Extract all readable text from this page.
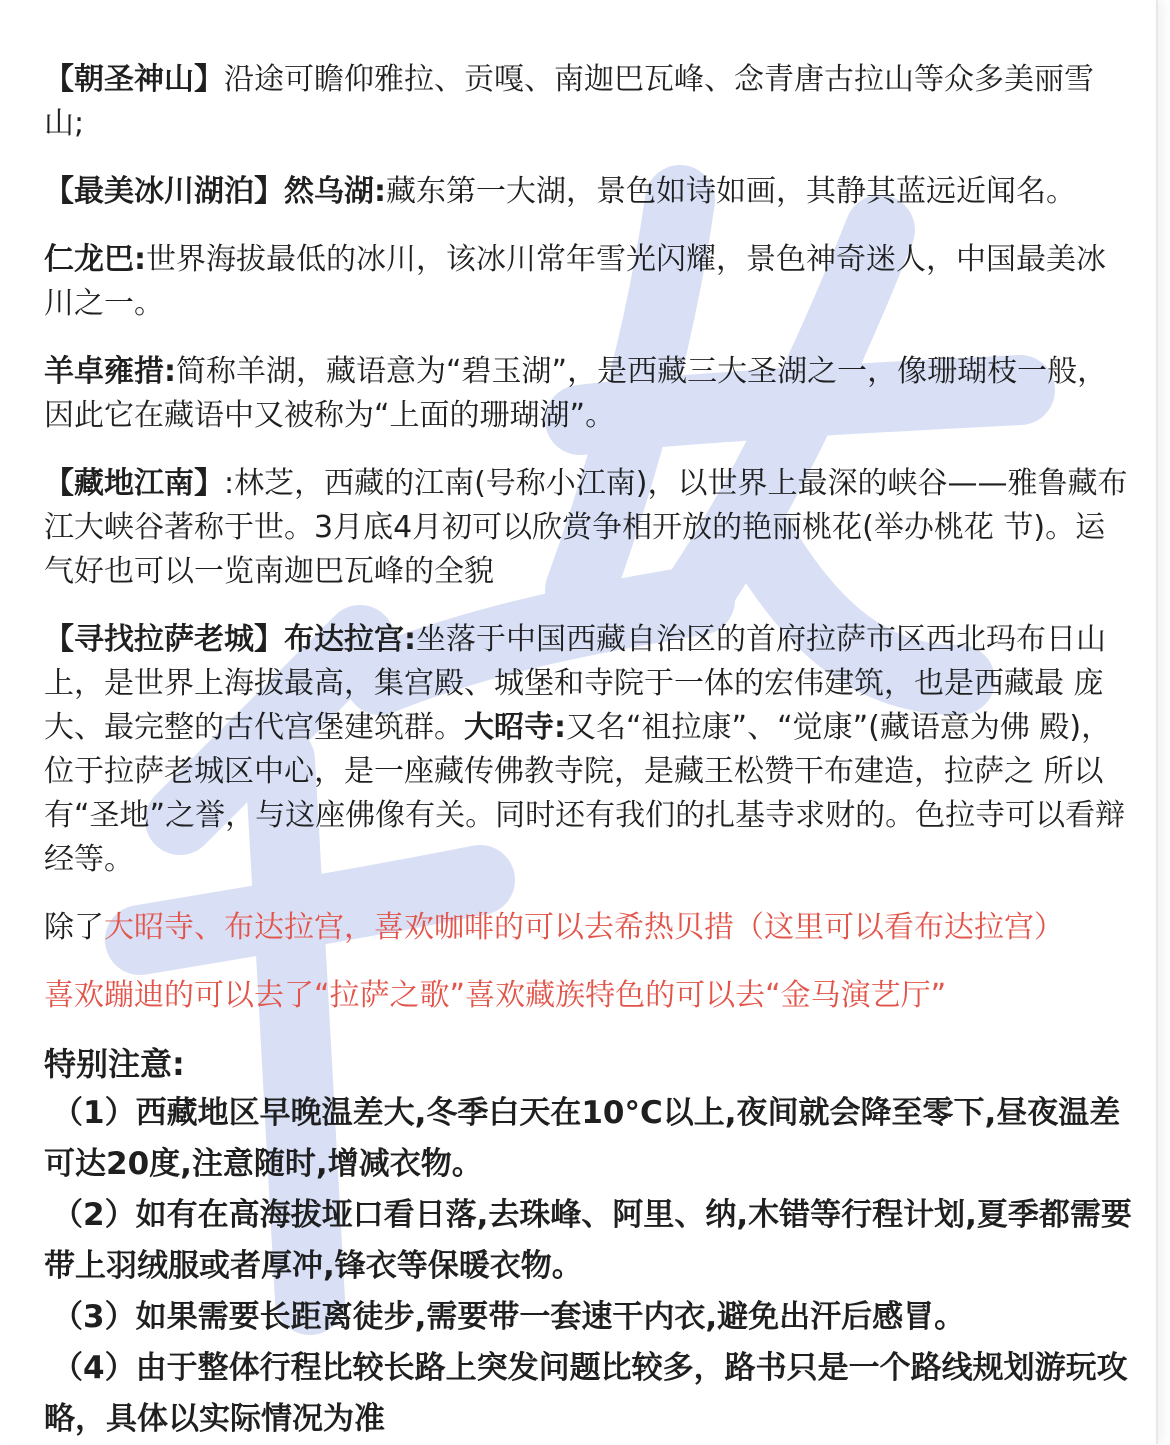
【朝圣神山】沿途可瞻仰雅拉、贡嘎、南迦巴瓦峰、念青唐古拉山等众多美丽雪山;

【最美冰川湖泊】然乌湖:藏东第一大湖，景色如诗如画，其静其蓝远近闻名。

仁龙巴:世界海拔最低的冰川，该冰川常年雪光闪耀，景色神奇迷人，中国最美冰川之一。

羊卓雍措:简称羊湖，藏语意为“碧玉湖”，是西藏三大圣湖之一，像珊瑚枝一般，因此它在藏语中又被称为“上面的珊瑚湖”。

【藏地江南】:林芝，西藏的江南(号称小江南)，以世界上最深的峡谷——雅鲁藏布江大峡谷著称于世。3月底4月初可以欣赏争相开放的艳丽桃花(举办桃花 节)。运气好也可以一览南迦巴瓦峰的全貌

【寻找拉萨老城】布达拉宫:坐落于中国西藏自治区的首府拉萨市区西北玛布日山上，是世界上海拔最高，集宫殿、城堡和寺院于一体的宏伟建筑，也是西藏最 庞大、最完整的古代宫堡建筑群。大昭寺:又名“祖拉康”、“觉康”(藏语意为佛 殿)，位于拉萨老城区中心，是一座藏传佛教寺院，是藏王松赞干布建造，拉萨之 所以有“圣地”之誉，与这座佛像有关。同时还有我们的扎基寺求财的。色拉寺可以看辩经等。

除了大昭寺、布达拉宫，喜欢咖啡的可以去希热贝措（这里可以看布达拉宫）

喜欢蹦迪的可以去了“拉萨之歌”喜欢藏族特色的可以去“金马演艺厅”

特别注意:
（1）西藏地区早晚温差大,冬季白天在10°C以上,夜间就会降至零下,昼夜温差可达20度,注意随时,增减衣物。
（2）如有在高海拔垭口看日落,去珠峰、阿里、纳,木错等行程计划,夏季都需要带上羽绒服或者厚冲,锋衣等保暖衣物。
（3）如果需要长距离徒步,需要带一套速干内衣,避免出汗后感冒。
（4）由于整体行程比较长路上突发问题比较多，路书只是一个路线规划游玩攻略，具体以实际情况为准
